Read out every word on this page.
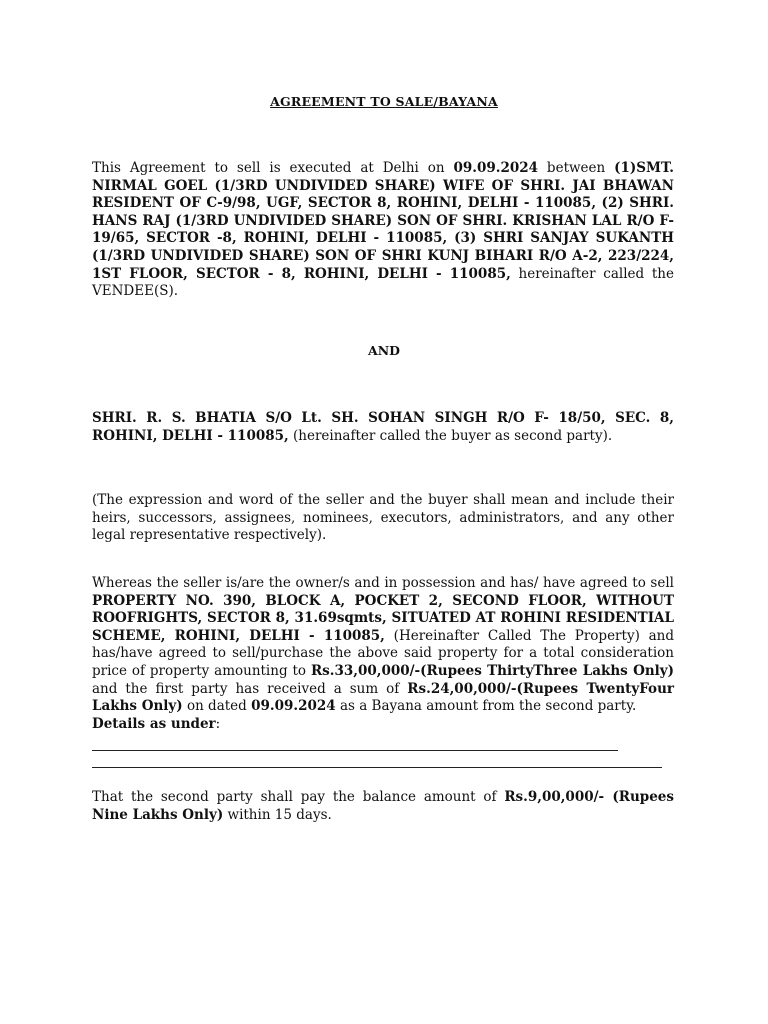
AGREEMENT TO SALE/BAYANA

This Agreement to sell is executed at Delhi on 09.09.2024 between (1)SMT. NIRMAL GOEL (1/3RD UNDIVIDED SHARE) WIFE OF SHRI. JAI BHAWAN RESIDENT OF C-9/98, UGF, SECTOR 8, ROHINI, DELHI - 110085, (2) SHRI. HANS RAJ (1/3RD UNDIVIDED SHARE) SON OF SHRI. KRISHAN LAL R/O F-19/65, SECTOR -8, ROHINI, DELHI - 110085, (3) SHRI SANJAY SUKANTH (1/3RD UNDIVIDED SHARE) SON OF SHRI KUNJ BIHARI R/O A-2, 223/224, 1ST FLOOR, SECTOR - 8, ROHINI, DELHI - 110085, hereinafter called the VENDEE(S).

AND

SHRI. R. S. BHATIA S/O Lt. SH. SOHAN SINGH R/O F- 18/50, SEC. 8, ROHINI, DELHI - 110085, (hereinafter called the buyer as second party).

(The expression and word of the seller and the buyer shall mean and include their heirs, successors, assignees, nominees, executors, administrators, and any other legal representative respectively).

Whereas the seller is/are the owner/s and in possession and has/ have agreed to sell PROPERTY NO. 390, BLOCK A, POCKET 2, SECOND FLOOR, WITHOUT ROOFRIGHTS, SECTOR 8, 31.69sqmts, SITUATED AT ROHINI RESIDENTIAL SCHEME, ROHINI, DELHI - 110085, (Hereinafter Called The Property) and has/have agreed to sell/purchase the above said property for a total consideration price of property amounting to Rs.33,00,000/-(Rupees ThirtyThree Lakhs Only) and the first party has received a sum of Rs.24,00,000/-(Rupees TwentyFour Lakhs Only) on dated 09.09.2024 as a Bayana amount from the second party.
Details as under:

That the second party shall pay the balance amount of Rs.9,00,000/- (Rupees Nine Lakhs Only) within 15 days.
